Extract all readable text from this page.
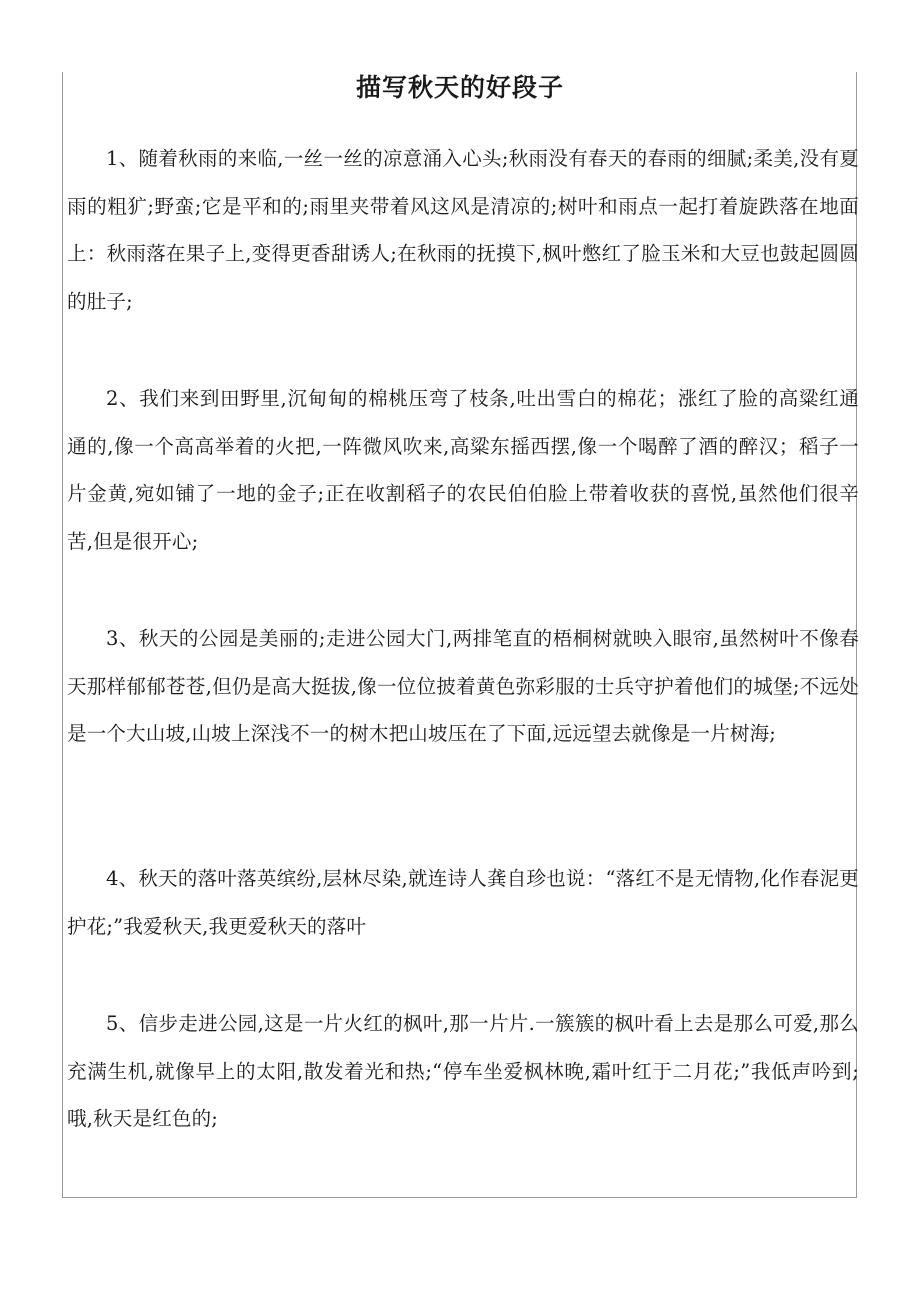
描写秋天的好段子

1、随着秋雨的来临,一丝一丝的凉意涌入心头;秋雨没有春天的春雨的细腻;柔美,没有夏雨的粗犷;野蛮;它是平和的;雨里夹带着风这风是清凉的;树叶和雨点一起打着旋跌落在地面上：秋雨落在果子上,变得更香甜诱人;在秋雨的抚摸下,枫叶憋红了脸玉米和大豆也鼓起圆圆的肚子;

2、我们来到田野里,沉甸甸的棉桃压弯了枝条,吐出雪白的棉花；涨红了脸的高粱红通通的,像一个高高举着的火把,一阵微风吹来,高粱东摇西摆,像一个喝醉了酒的醉汉；稻子一片金黄,宛如铺了一地的金子;正在收割稻子的农民伯伯脸上带着收获的喜悦,虽然他们很辛苦,但是很开心;

3、秋天的公园是美丽的;走进公园大门,两排笔直的梧桐树就映入眼帘,虽然树叶不像春天那样郁郁苍苍,但仍是高大挺拔,像一位位披着黄色弥彩服的士兵守护着他们的城堡;不远处是一个大山坡,山坡上深浅不一的树木把山坡压在了下面,远远望去就像是一片树海;

4、秋天的落叶落英缤纷,层林尽染,就连诗人龚自珍也说：“落红不是无情物,化作春泥更护花;”我爱秋天,我更爱秋天的落叶

5、信步走进公园,这是一片火红的枫叶,那一片片.一簇簇的枫叶看上去是那么可爱,那么充满生机,就像早上的太阳,散发着光和热;“停车坐爱枫林晚,霜叶红于二月花;”我低声吟到;哦,秋天是红色的;
